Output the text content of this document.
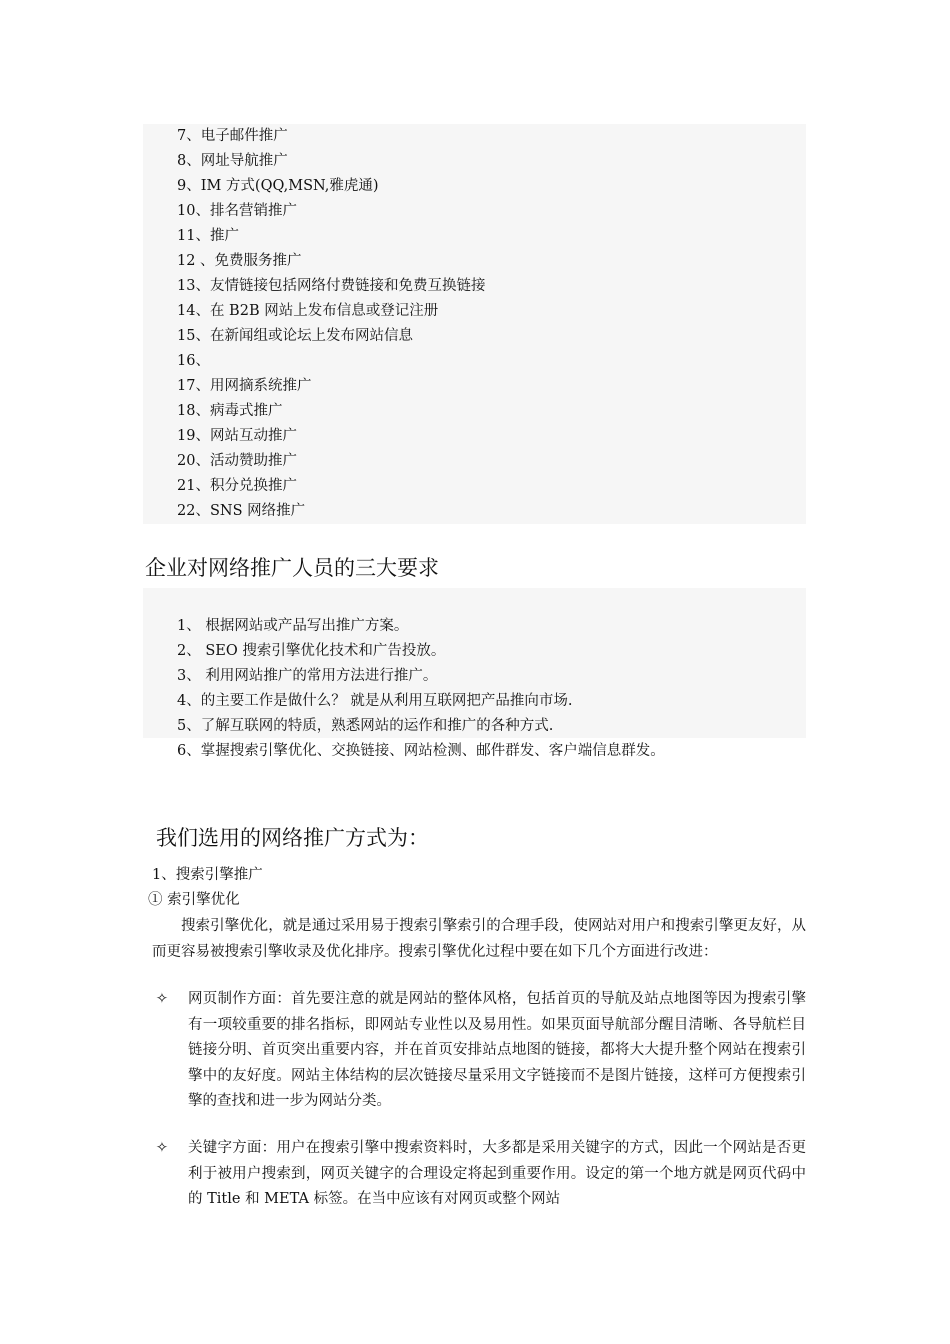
7、电子邮件推广
8、网址导航推广
9、IM 方式(QQ,MSN,雅虎通)
10、排名营销推广
11、推广
12 、免费服务推广
13、友情链接包括网络付费链接和免费互换链接
14、在 B2B 网站上发布信息或登记注册
15、在新闻组或论坛上发布网站信息
16、
17、用网摘系统推广
18、病毒式推广
19、网站互动推广
20、活动赞助推广
21、积分兑换推广
22、SNS 网络推广
企业对网络推广人员的三大要求
1、 根据网站或产品写出推广方案。
2、 SEO 搜索引擎优化技术和广告投放。
3、 利用网站推广的常用方法进行推广。
4、的主要工作是做什么？ 就是从利用互联网把产品推向市场.
5、了解互联网的特质，熟悉网站的运作和推广的各种方式.
6、掌握搜索引擎优化、交换链接、网站检测、邮件群发、客户端信息群发。
我们选用的网络推广方式为：
1、搜索引擎推广
① 索引擎优化

搜索引擎优化，就是通过采用易于搜索引擎索引的合理手段，使网站对用户和搜索引擎更友好，从而更容易被搜索引擎收录及优化排序。搜索引擎优化过程中要在如下几个方面进行改进：

✧ 网页制作方面：首先要注意的就是网站的整体风格，包括首页的导航及站点地图等因为搜索引擎有一项较重要的排名指标，即网站专业性以及易用性。如果页面导航部分醒目清晰、各导航栏目链接分明、首页突出重要内容，并在首页安排站点地图的链接，都将大大提升整个网站在搜索引擎中的友好度。网站主体结构的层次链接尽量采用文字链接而不是图片链接，这样可方便搜索引擎的查找和进一步为网站分类。
✧ 关键字方面：用户在搜索引擎中搜索资料时，大多都是采用关键字的方式，因此一个网站是否更利于被用户搜索到，网页关键字的合理设定将起到重要作用。设定的第一个地方就是网页代码中的 Title 和 META 标签。在当中应该有对网页或整个网站
